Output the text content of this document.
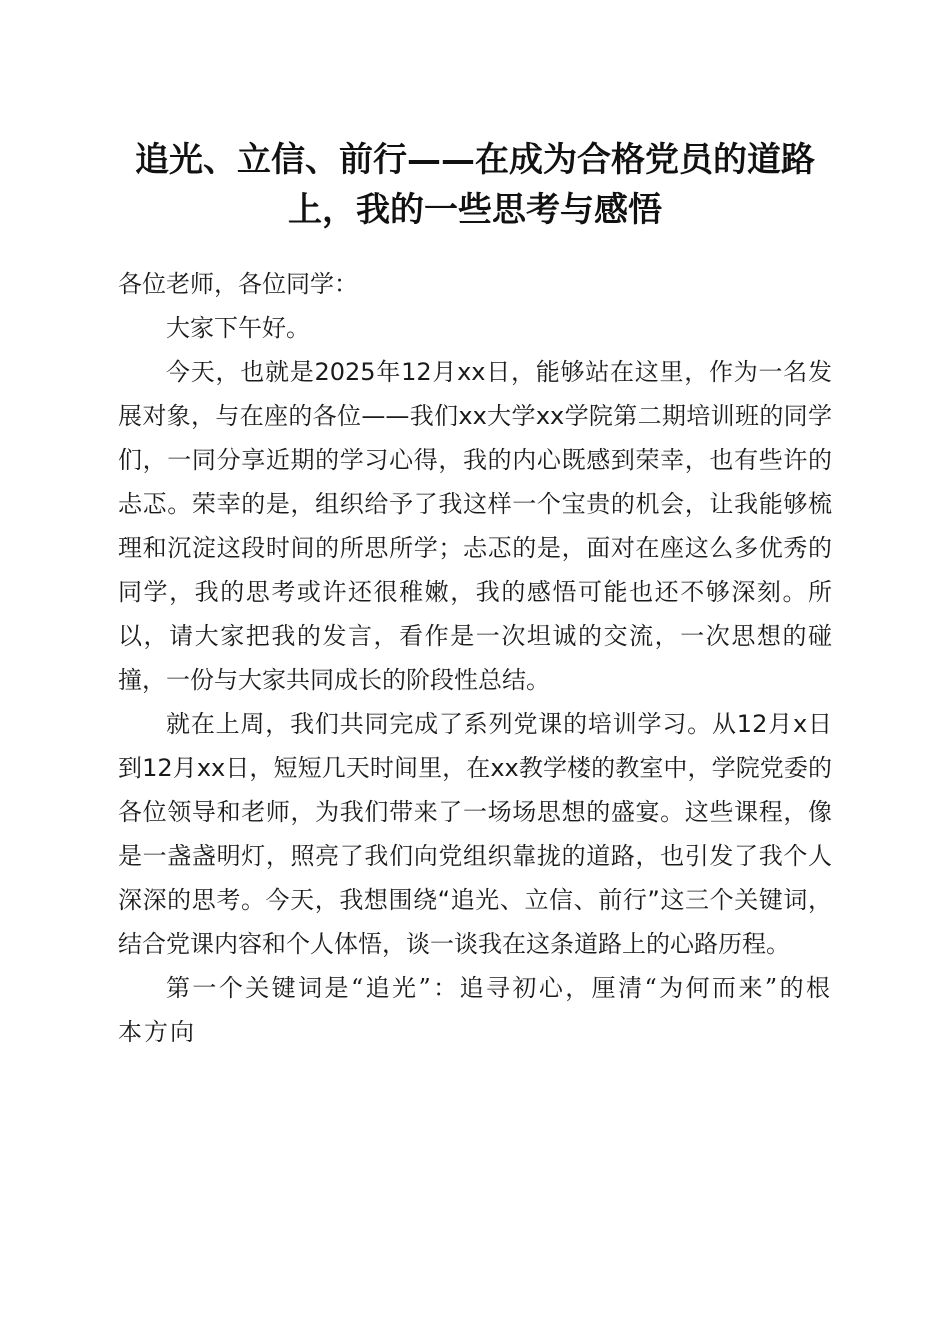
追光、立信、前行——在成为合格党员的道路上，我的一些思考与感悟

各位老师，各位同学：

大家下午好。

今天，也就是2025年12月xx日，能够站在这里，作为一名发展对象，与在座的各位——我们xx大学xx学院第二期培训班的同学们，一同分享近期的学习心得，我的内心既感到荣幸，也有些许的忐忑。荣幸的是，组织给予了我这样一个宝贵的机会，让我能够梳理和沉淀这段时间的所思所学；忐忑的是，面对在座这么多优秀的同学，我的思考或许还很稚嫩，我的感悟可能也还不够深刻。所以，请大家把我的发言，看作是一次坦诚的交流，一次思想的碰撞，一份与大家共同成长的阶段性总结。

就在上周，我们共同完成了系列党课的培训学习。从12月x日到12月xx日，短短几天时间里，在xx教学楼的教室中，学院党委的各位领导和老师，为我们带来了一场场思想的盛宴。这些课程，像是一盏盏明灯，照亮了我们向党组织靠拢的道路，也引发了我个人深深的思考。今天，我想围绕“追光、立信、前行”这三个关键词，结合党课内容和个人体悟，谈一谈我在这条道路上的心路历程。

第一个关键词是“追光”：追寻初心，厘清“为何而来”的根本方向
